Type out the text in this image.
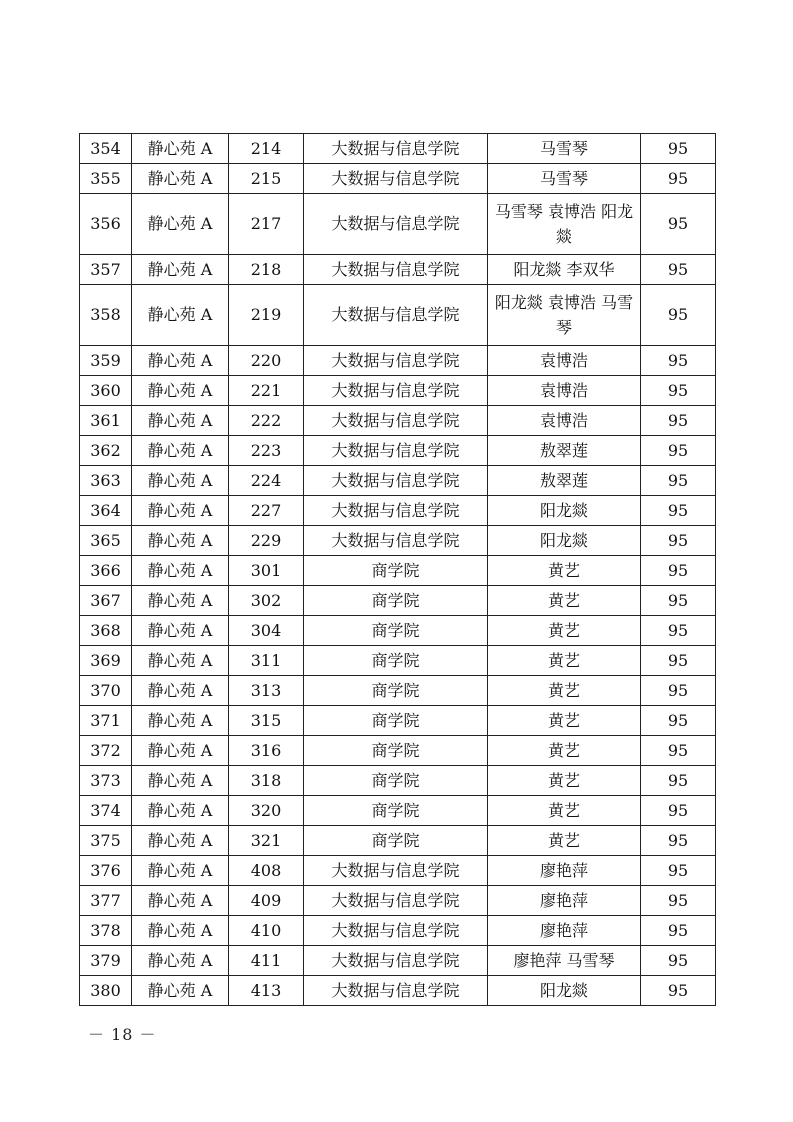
354	静心苑 A	214	大数据与信息学院	马雪琴	95
355	静心苑 A	215	大数据与信息学院	马雪琴	95
356	静心苑 A	217	大数据与信息学院	马雪琴 袁博浩 阳龙燚	95
357	静心苑 A	218	大数据与信息学院	阳龙燚 李双华	95
358	静心苑 A	219	大数据与信息学院	阳龙燚 袁博浩 马雪琴	95
359	静心苑 A	220	大数据与信息学院	袁博浩	95
360	静心苑 A	221	大数据与信息学院	袁博浩	95
361	静心苑 A	222	大数据与信息学院	袁博浩	95
362	静心苑 A	223	大数据与信息学院	敖翠莲	95
363	静心苑 A	224	大数据与信息学院	敖翠莲	95
364	静心苑 A	227	大数据与信息学院	阳龙燚	95
365	静心苑 A	229	大数据与信息学院	阳龙燚	95
366	静心苑 A	301	商学院	黄艺	95
367	静心苑 A	302	商学院	黄艺	95
368	静心苑 A	304	商学院	黄艺	95
369	静心苑 A	311	商学院	黄艺	95
370	静心苑 A	313	商学院	黄艺	95
371	静心苑 A	315	商学院	黄艺	95
372	静心苑 A	316	商学院	黄艺	95
373	静心苑 A	318	商学院	黄艺	95
374	静心苑 A	320	商学院	黄艺	95
375	静心苑 A	321	商学院	黄艺	95
376	静心苑 A	408	大数据与信息学院	廖艳萍	95
377	静心苑 A	409	大数据与信息学院	廖艳萍	95
378	静心苑 A	410	大数据与信息学院	廖艳萍	95
379	静心苑 A	411	大数据与信息学院	廖艳萍 马雪琴	95
380	静心苑 A	413	大数据与信息学院	阳龙燚	95
－ 18 －
